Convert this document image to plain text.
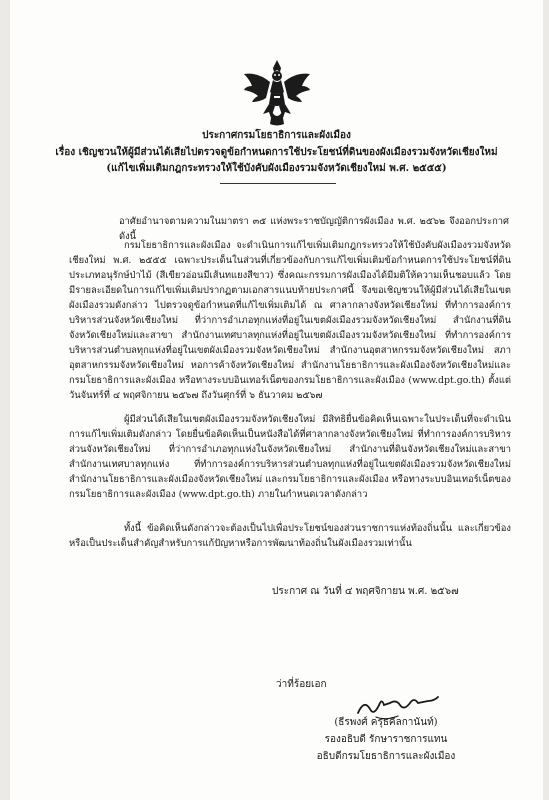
ประกาศกรมโยธาธิการและผังเมือง
เรื่อง เชิญชวนให้ผู้มีส่วนได้เสียไปตรวจดูข้อกำหนดการใช้ประโยชน์ที่ดินของผังเมืองรวมจังหวัดเชียงใหม่
(แก้ไขเพิ่มเติมกฎกระทรวงให้ใช้บังคับผังเมืองรวมจังหวัดเชียงใหม่ พ.ศ. ๒๕๕๕)
อาศัยอำนาจตามความในมาตรา ๓๕ แห่งพระราชบัญญัติการผังเมือง พ.ศ. ๒๕๖๒ จึงออกประกาศ ดังนี้
กรมโยธาธิการและผังเมือง จะดำเนินการแก้ไขเพิ่มเติมกฎกระทรวงให้ใช้บังคับผังเมืองรวมจังหวัดเชียงใหม่ พ.ศ. ๒๕๕๕ เฉพาะประเด็นในส่วนที่เกี่ยวข้องกับการแก้ไขเพิ่มเติมข้อกำหนดการใช้ประโยชน์ที่ดินประเภทอนุรักษ์ป่าไม้ (สีเขียวอ่อนมีเส้นทแยงสีขาว) ซึ่งคณะกรรมการผังเมืองได้มีมติให้ความเห็นชอบแล้ว โดยมีรายละเอียดในการแก้ไขเพิ่มเติมปรากฏตามเอกสารแนบท้ายประกาศนี้ จึงขอเชิญชวนให้ผู้มีส่วนได้เสียในเขตผังเมืองรวมดังกล่าว ไปตรวจดูข้อกำหนดที่แก้ไขเพิ่มเติมได้ ณ ศาลากลางจังหวัดเชียงใหม่ ที่ทำการองค์การบริหารส่วนจังหวัดเชียงใหม่ ที่ว่าการอำเภอทุกแห่งที่อยู่ในเขตผังเมืองรวมจังหวัดเชียงใหม่ สำนักงานที่ดินจังหวัดเชียงใหม่และสาขา สำนักงานเทศบาลทุกแห่งที่อยู่ในเขตผังเมืองรวมจังหวัดเชียงใหม่ ที่ทำการองค์การบริหารส่วนตำบลทุกแห่งที่อยู่ในเขตผังเมืองรวมจังหวัดเชียงใหม่ สำนักงานอุตสาหกรรมจังหวัดเชียงใหม่ สภาอุตสาหกรรมจังหวัดเชียงใหม่ หอการค้าจังหวัดเชียงใหม่ สำนักงานโยธาธิการและผังเมืองจังหวัดเชียงใหม่และกรมโยธาธิการและผังเมือง หรือทางระบบอินเทอร์เน็ตของกรมโยธาธิการและผังเมือง (www.dpt.go.th) ตั้งแต่วันจันทร์ที่ ๔ พฤศจิกายน ๒๕๖๗ ถึงวันศุกร์ที่ ๖ ธันวาคม ๒๕๖๗
ผู้มีส่วนได้เสียในเขตผังเมืองรวมจังหวัดเชียงใหม่ มีสิทธิยื่นข้อคิดเห็นเฉพาะในประเด็นที่จะดำเนินการแก้ไขเพิ่มเติมดังกล่าว โดยยื่นข้อคิดเห็นเป็นหนังสือได้ที่ศาลากลางจังหวัดเชียงใหม่ ที่ทำการองค์การบริหารส่วนจังหวัดเชียงใหม่ ที่ว่าการอำเภอทุกแห่งในจังหวัดเชียงใหม่ สำนักงานที่ดินจังหวัดเชียงใหม่และสาขา สำนักงานเทศบาลทุกแห่ง ที่ทำการองค์การบริหารส่วนตำบลทุกแห่งที่อยู่ในเขตผังเมืองรวมจังหวัดเชียงใหม่ สำนักงานโยธาธิการและผังเมืองจังหวัดเชียงใหม่ และกรมโยธาธิการและผังเมือง หรือทางระบบอินเทอร์เน็ตของกรมโยธาธิการและผังเมือง (www.dpt.go.th) ภายในกำหนดเวลาดังกล่าว
ทั้งนี้ ข้อคิดเห็นดังกล่าวจะต้องเป็นไปเพื่อประโยชน์ของส่วนราชการแห่งท้องถิ่นนั้น และเกี่ยวข้องหรือเป็นประเด็นสำคัญสำหรับการแก้ปัญหาหรือการพัฒนาท้องถิ่นในผังเมืองรวมเท่านั้น
ประกาศ ณ วันที่ ๔ พฤศจิกายน พ.ศ. ๒๕๖๗
ว่าที่ร้อยเอก
(ธีรพงศ์ ครุธคีลกานันท์)
รองอธิบดี รักษาราชการแทน
อธิบดีกรมโยธาธิการและผังเมือง
